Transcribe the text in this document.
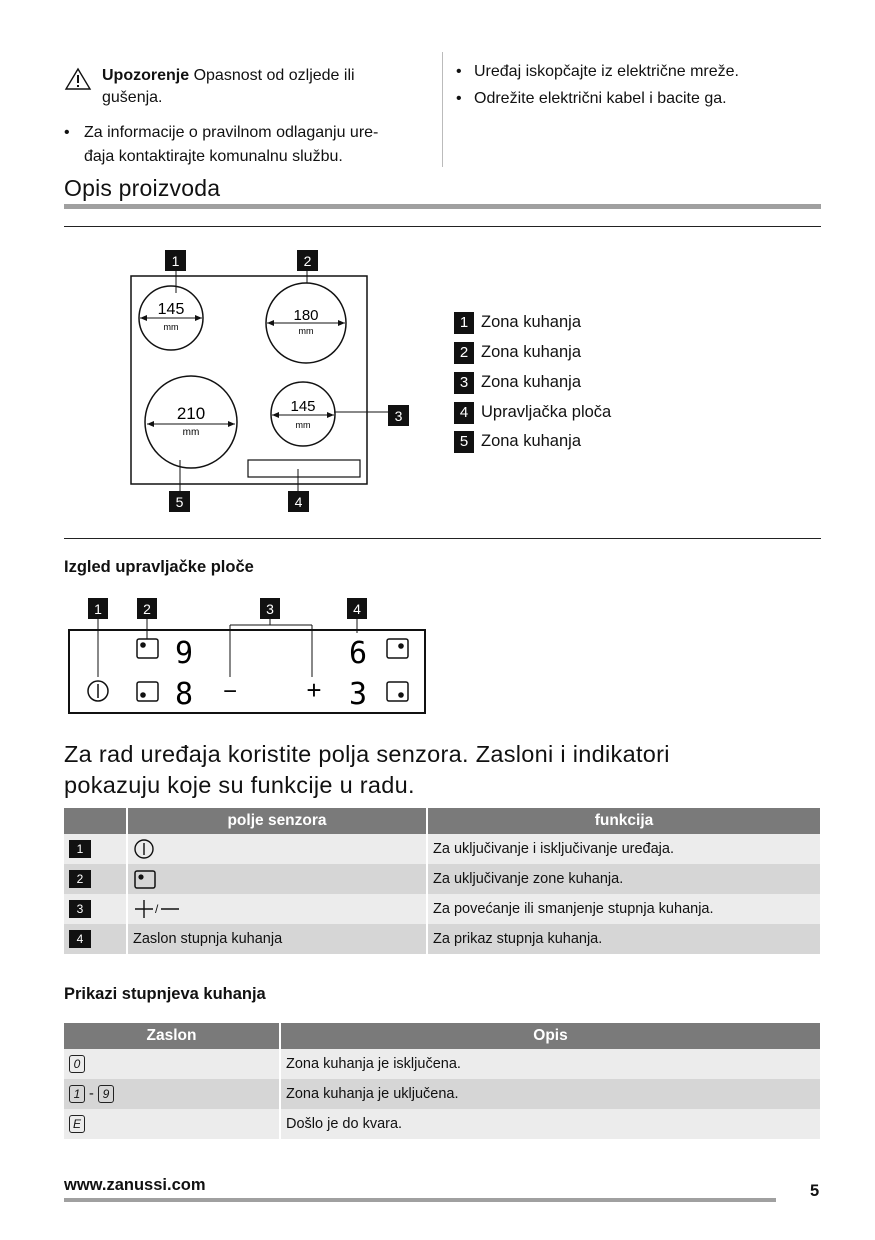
Upozorenje Opasnost od ozljede ili
gušenja.
• Za informacije o pravilnom odlaganju ure-
đaja kontaktirajte komunalnu službu.
• Uređaj iskopčajte iz električne mreže.
• Odrežite električni kabel i bacite ga.
Opis proizvoda
1
145
mm
2
180
mm
210
mm
5
145
mm
3
4
1 Zona kuhanja
2 Zona kuhanja
3 Zona kuhanja
4 Upravljačka ploča
5 Zona kuhanja
Izgled upravljačke ploče
1	2	3	4
9	6
8 −	+ 3
Za rad uređaja koristite polja senzora. Zasloni i indikatori
pokazuju koje su funkcije u radu.
	polje senzora	funkcija
1		Za uključivanje i isključivanje uređaja.
2		Za uključivanje zone kuhanja.
3	/	Za povećanje ili smanjenje stupnja kuhanja.
4	Zaslon stupnja kuhanja	Za prikaz stupnja kuhanja.
Prikazi stupnjeva kuhanja
Zaslon	Opis
0	Zona kuhanja je isključena.
1 - 9	Zona kuhanja je uključena.
E	Došlo je do kvara.
www.zanussi.com	5
